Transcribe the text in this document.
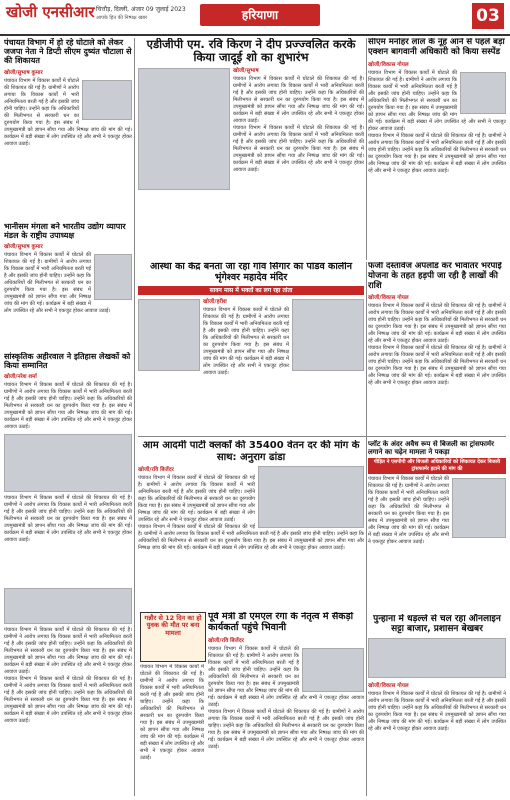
खोजी एनसीआर चित्तौड़, दिल्ली, अंजार 09 जुलाई 2023
आपके हित की निष्पक्ष खबर	हरियाणा	03
पंचायत विभाग में हो रहे घोटाले को लेकर जजपा नेता ने डिप्टी सीएम दुष्यंत चौटाला से की शिकायत
खोजी/सुभाष कुमार
पंचायत विभाग में विकास कार्यों में घोटाले की शिकायत की गई है। ग्रामीणों ने आरोप लगाया कि विकास कार्यों में भारी अनियमितता बरती गई है और इसकी जांच होनी चाहिए। उन्होंने कहा कि अधिकारियों की मिलीभगत से सरकारी धन का दुरुपयोग किया गया है। इस संबंध में उपमुख्यमंत्री को ज्ञापन सौंपा गया और निष्पक्ष जांच की मांग की गई। कार्यक्रम में बड़ी संख्या में लोग उपस्थित रहे और सभी ने एकजुट होकर आवाज उठाई।
भानीसम मंगला बने भारतीय उद्योग व्यापार मंडल के राष्ट्रीय उपाध्यक्ष
खोजी/सुभाष कुमार
पंचायत विभाग में विकास कार्यों में घोटाले की शिकायत की गई है। ग्रामीणों ने आरोप लगाया कि विकास कार्यों में भारी अनियमितता बरती गई है और इसकी जांच होनी चाहिए। उन्होंने कहा कि अधिकारियों की मिलीभगत से सरकारी धन का दुरुपयोग किया गया है। इस संबंध में उपमुख्यमंत्री को ज्ञापन सौंपा गया और निष्पक्ष जांच की मांग की गई। कार्यक्रम में बड़ी संख्या में लोग उपस्थित रहे और सभी ने एकजुट होकर आवाज उठाई।
सांस्कृतिक अहीरवाल ने इतिहास लेखकों को किया सम्मानित
खोजी/नरेश शर्मा
पंचायत विभाग में विकास कार्यों में घोटाले की शिकायत की गई है। ग्रामीणों ने आरोप लगाया कि विकास कार्यों में भारी अनियमितता बरती गई है और इसकी जांच होनी चाहिए। उन्होंने कहा कि अधिकारियों की मिलीभगत से सरकारी धन का दुरुपयोग किया गया है। इस संबंध में उपमुख्यमंत्री को ज्ञापन सौंपा गया और निष्पक्ष जांच की मांग की गई। कार्यक्रम में बड़ी संख्या में लोग उपस्थित रहे और सभी ने एकजुट होकर आवाज उठाई।
पंचायत विभाग में विकास कार्यों में घोटाले की शिकायत की गई है। ग्रामीणों ने आरोप लगाया कि विकास कार्यों में भारी अनियमितता बरती गई है और इसकी जांच होनी चाहिए। उन्होंने कहा कि अधिकारियों की मिलीभगत से सरकारी धन का दुरुपयोग किया गया है। इस संबंध में उपमुख्यमंत्री को ज्ञापन सौंपा गया और निष्पक्ष जांच की मांग की गई। कार्यक्रम में बड़ी संख्या में लोग उपस्थित रहे और सभी ने एकजुट होकर आवाज उठाई।
पंचायत विभाग में विकास कार्यों में घोटाले की शिकायत की गई है। ग्रामीणों ने आरोप लगाया कि विकास कार्यों में भारी अनियमितता बरती गई है और इसकी जांच होनी चाहिए। उन्होंने कहा कि अधिकारियों की मिलीभगत से सरकारी धन का दुरुपयोग किया गया है। इस संबंध में उपमुख्यमंत्री को ज्ञापन सौंपा गया और निष्पक्ष जांच की मांग की गई। कार्यक्रम में बड़ी संख्या में लोग उपस्थित रहे और सभी ने एकजुट होकर आवाज उठाई।
पंचायत विभाग में विकास कार्यों में घोटाले की शिकायत की गई है। ग्रामीणों ने आरोप लगाया कि विकास कार्यों में भारी अनियमितता बरती गई है और इसकी जांच होनी चाहिए। उन्होंने कहा कि अधिकारियों की मिलीभगत से सरकारी धन का दुरुपयोग किया गया है। इस संबंध में उपमुख्यमंत्री को ज्ञापन सौंपा गया और निष्पक्ष जांच की मांग की गई। कार्यक्रम में बड़ी संख्या में लोग उपस्थित रहे और सभी ने एकजुट होकर आवाज उठाई।
एडीजीपी एम. रवि किरण ने दीप प्रज्ज्वलित करके किया जादूई शो का शुभारंभ
खोजी/सुभाष
पंचायत विभाग में विकास कार्यों में घोटाले की शिकायत की गई है। ग्रामीणों ने आरोप लगाया कि विकास कार्यों में भारी अनियमितता बरती गई है और इसकी जांच होनी चाहिए। उन्होंने कहा कि अधिकारियों की मिलीभगत से सरकारी धन का दुरुपयोग किया गया है। इस संबंध में उपमुख्यमंत्री को ज्ञापन सौंपा गया और निष्पक्ष जांच की मांग की गई। कार्यक्रम में बड़ी संख्या में लोग उपस्थित रहे और सभी ने एकजुट होकर आवाज उठाई।
पंचायत विभाग में विकास कार्यों में घोटाले की शिकायत की गई है। ग्रामीणों ने आरोप लगाया कि विकास कार्यों में भारी अनियमितता बरती गई है और इसकी जांच होनी चाहिए। उन्होंने कहा कि अधिकारियों की मिलीभगत से सरकारी धन का दुरुपयोग किया गया है। इस संबंध में उपमुख्यमंत्री को ज्ञापन सौंपा गया और निष्पक्ष जांच की मांग की गई। कार्यक्रम में बड़ी संख्या में लोग उपस्थित रहे और सभी ने एकजुट होकर आवाज उठाई।
आस्था का केंद्र बनता जा रहा गांव सिंगार का पांडव कालीन भृंगेश्वर महादेव मंदिर
सावन मास में भक्तों का लग रहा तांता
खोजी/हरीश
पंचायत विभाग में विकास कार्यों में घोटाले की शिकायत की गई है। ग्रामीणों ने आरोप लगाया कि विकास कार्यों में भारी अनियमितता बरती गई है और इसकी जांच होनी चाहिए। उन्होंने कहा कि अधिकारियों की मिलीभगत से सरकारी धन का दुरुपयोग किया गया है। इस संबंध में उपमुख्यमंत्री को ज्ञापन सौंपा गया और निष्पक्ष जांच की मांग की गई। कार्यक्रम में बड़ी संख्या में लोग उपस्थित रहे और सभी ने एकजुट होकर आवाज उठाई।
सीएम मनोहर लाल के नूंह आने से पहले बड़ा एक्शन बागवानी अधिकारी को किया सस्पेंड
खोजी/विकास गोयल
पंचायत विभाग में विकास कार्यों में घोटाले की शिकायत की गई है। ग्रामीणों ने आरोप लगाया कि विकास कार्यों में भारी अनियमितता बरती गई है और इसकी जांच होनी चाहिए। उन्होंने कहा कि अधिकारियों की मिलीभगत से सरकारी धन का दुरुपयोग किया गया है। इस संबंध में उपमुख्यमंत्री को ज्ञापन सौंपा गया और निष्पक्ष जांच की मांग की गई। कार्यक्रम में बड़ी संख्या में लोग उपस्थित रहे और सभी ने एकजुट होकर आवाज उठाई।
पंचायत विभाग में विकास कार्यों में घोटाले की शिकायत की गई है। ग्रामीणों ने आरोप लगाया कि विकास कार्यों में भारी अनियमितता बरती गई है और इसकी जांच होनी चाहिए। उन्होंने कहा कि अधिकारियों की मिलीभगत से सरकारी धन का दुरुपयोग किया गया है। इस संबंध में उपमुख्यमंत्री को ज्ञापन सौंपा गया और निष्पक्ष जांच की मांग की गई। कार्यक्रम में बड़ी संख्या में लोग उपस्थित रहे और सभी ने एकजुट होकर आवाज उठाई।
फर्जी दस्तावेज अपलोड कर भावांतर भरपाई योजना के तहत हड़पी जा रही है लाखों की राशि
खोजी/विकास गोयल
पंचायत विभाग में विकास कार्यों में घोटाले की शिकायत की गई है। ग्रामीणों ने आरोप लगाया कि विकास कार्यों में भारी अनियमितता बरती गई है और इसकी जांच होनी चाहिए। उन्होंने कहा कि अधिकारियों की मिलीभगत से सरकारी धन का दुरुपयोग किया गया है। इस संबंध में उपमुख्यमंत्री को ज्ञापन सौंपा गया और निष्पक्ष जांच की मांग की गई। कार्यक्रम में बड़ी संख्या में लोग उपस्थित रहे और सभी ने एकजुट होकर आवाज उठाई।
पंचायत विभाग में विकास कार्यों में घोटाले की शिकायत की गई है। ग्रामीणों ने आरोप लगाया कि विकास कार्यों में भारी अनियमितता बरती गई है और इसकी जांच होनी चाहिए। उन्होंने कहा कि अधिकारियों की मिलीभगत से सरकारी धन का दुरुपयोग किया गया है। इस संबंध में उपमुख्यमंत्री को ज्ञापन सौंपा गया और निष्पक्ष जांच की मांग की गई। कार्यक्रम में बड़ी संख्या में लोग उपस्थित रहे और सभी ने एकजुट होकर आवाज उठाई।
आम आदमी पार्टी क्लर्कों की 35400 वेतन दर की मांग के साथ: अनुराग ढांडा
खोजी/रवि बिजेंदर
पंचायत विभाग में विकास कार्यों में घोटाले की शिकायत की गई है। ग्रामीणों ने आरोप लगाया कि विकास कार्यों में भारी अनियमितता बरती गई है और इसकी जांच होनी चाहिए। उन्होंने कहा कि अधिकारियों की मिलीभगत से सरकारी धन का दुरुपयोग किया गया है। इस संबंध में उपमुख्यमंत्री को ज्ञापन सौंपा गया और निष्पक्ष जांच की मांग की गई। कार्यक्रम में बड़ी संख्या में लोग उपस्थित रहे और सभी ने एकजुट होकर आवाज उठाई।
पंचायत विभाग में विकास कार्यों में घोटाले की शिकायत की गई है। ग्रामीणों ने आरोप लगाया कि विकास कार्यों में भारी अनियमितता बरती गई है और इसकी जांच होनी चाहिए। उन्होंने कहा कि अधिकारियों की मिलीभगत से सरकारी धन का दुरुपयोग किया गया है। इस संबंध में उपमुख्यमंत्री को ज्ञापन सौंपा गया और निष्पक्ष जांच की मांग की गई। कार्यक्रम में बड़ी संख्या में लोग उपस्थित रहे और सभी ने एकजुट होकर आवाज उठाई।
प्लॉट के अंदर अवैध रूप से बिजली का ट्रांसफार्मर लगाने का चढ़ेन मामला ने पकड़ा
पीड़ित ने एसपीपी और बिजली अधिकारियों को शिकायत देकर बिजली ट्रांसफार्मर हटाने की मांग की
पंचायत विभाग में विकास कार्यों में घोटाले की शिकायत की गई है। ग्रामीणों ने आरोप लगाया कि विकास कार्यों में भारी अनियमितता बरती गई है और इसकी जांच होनी चाहिए। उन्होंने कहा कि अधिकारियों की मिलीभगत से सरकारी धन का दुरुपयोग किया गया है। इस संबंध में उपमुख्यमंत्री को ज्ञापन सौंपा गया और निष्पक्ष जांच की मांग की गई। कार्यक्रम में बड़ी संख्या में लोग उपस्थित रहे और सभी ने एकजुट होकर आवाज उठाई।
गन्नौर से 12 दिन का हो युवक की मौत पर बना मामला
पूर्व मंत्री डॉ एमएल रंगा के नेतृत्व में सैंकड़ों कार्यकर्ता पहुंचे भिवानी
खोजी/रवि बिजेंदर
पंचायत विभाग में विकास कार्यों में घोटाले की शिकायत की गई है। ग्रामीणों ने आरोप लगाया कि विकास कार्यों में भारी अनियमितता बरती गई है और इसकी जांच होनी चाहिए। उन्होंने कहा कि अधिकारियों की मिलीभगत से सरकारी धन का दुरुपयोग किया गया है। इस संबंध में उपमुख्यमंत्री को ज्ञापन सौंपा गया और निष्पक्ष जांच की मांग की गई। कार्यक्रम में बड़ी संख्या में लोग उपस्थित रहे और सभी ने एकजुट होकर आवाज उठाई।
पंचायत विभाग में विकास कार्यों में घोटाले की शिकायत की गई है। ग्रामीणों ने आरोप लगाया कि विकास कार्यों में भारी अनियमितता बरती गई है और इसकी जांच होनी चाहिए। उन्होंने कहा कि अधिकारियों की मिलीभगत से सरकारी धन का दुरुपयोग किया गया है। इस संबंध में उपमुख्यमंत्री को ज्ञापन सौंपा गया और निष्पक्ष जांच की मांग की गई। कार्यक्रम में बड़ी संख्या में लोग उपस्थित रहे और सभी ने एकजुट होकर आवाज उठाई।
पंचायत विभाग में विकास कार्यों में घोटाले की शिकायत की गई है। ग्रामीणों ने आरोप लगाया कि विकास कार्यों में भारी अनियमितता बरती गई है और इसकी जांच होनी चाहिए। उन्होंने कहा कि अधिकारियों की मिलीभगत से सरकारी धन का दुरुपयोग किया गया है। इस संबंध में उपमुख्यमंत्री को ज्ञापन सौंपा गया और निष्पक्ष जांच की मांग की गई। कार्यक्रम में बड़ी संख्या में लोग उपस्थित रहे और सभी ने एकजुट होकर आवाज उठाई।
पुन्हाना में धड़ल्ले से चल रहा ऑनलाइन सट्टा बाजार, प्रशासन बेखबर
खोजी/विकास गोयल
पंचायत विभाग में विकास कार्यों में घोटाले की शिकायत की गई है। ग्रामीणों ने आरोप लगाया कि विकास कार्यों में भारी अनियमितता बरती गई है और इसकी जांच होनी चाहिए। उन्होंने कहा कि अधिकारियों की मिलीभगत से सरकारी धन का दुरुपयोग किया गया है। इस संबंध में उपमुख्यमंत्री को ज्ञापन सौंपा गया और निष्पक्ष जांच की मांग की गई। कार्यक्रम में बड़ी संख्या में लोग उपस्थित रहे और सभी ने एकजुट होकर आवाज उठाई।
